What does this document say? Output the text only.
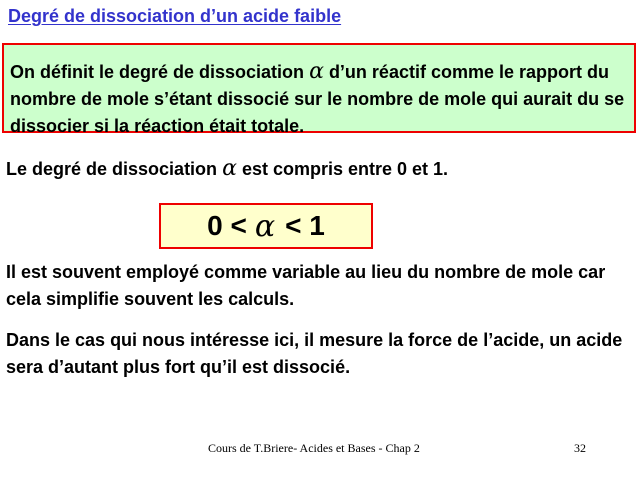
Degré de dissociation d’un acide faible
On définit le degré de dissociation α d’un réactif comme le rapport du nombre de mole s’étant dissocié sur le nombre de mole qui aurait du se dissocier si la réaction était totale.
Le degré de dissociation α est compris entre 0 et 1.
0 < α < 1
Il est souvent employé comme variable au lieu du nombre de mole car cela simplifie souvent les calculs.
Dans le cas qui nous intéresse ici, il mesure la force de l’acide, un acide sera d’autant plus fort qu’il est dissocié.
Cours de T.Briere- Acides et Bases - Chap 2	32
